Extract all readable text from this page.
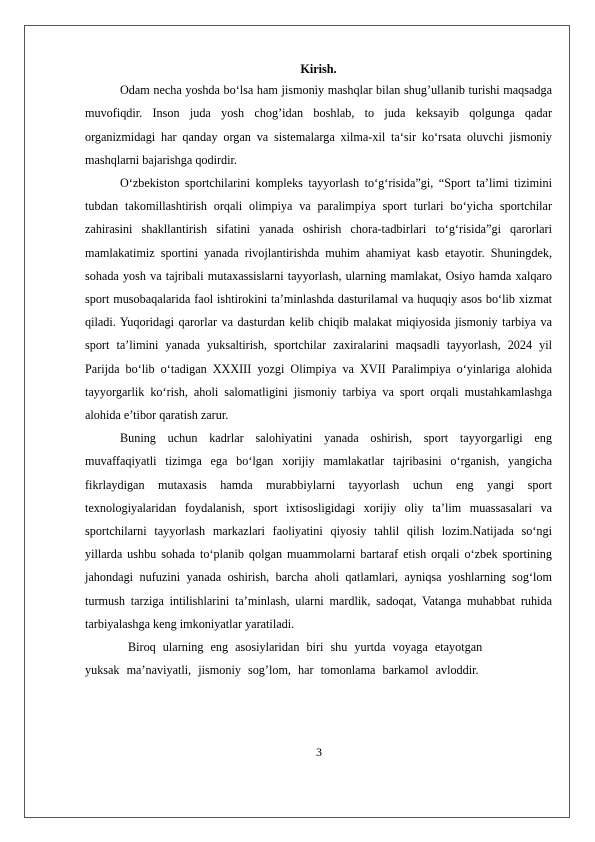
Kirish.

Odam necha yoshda bo‘lsa ham jismoniy mashqlar bilan shug’ullanib turishi maqsadga muvofiqdir. Inson juda yosh chog’idan boshlab, to juda keksayib qolgunga qadar organizmidagi har qanday organ va sistemalarga xilma-xil ta‘sir ko‘rsata oluvchi jismoniy mashqlarni bajarishga qodirdir.

O‘zbekiston sportchilarini kompleks tayyorlash to‘g‘risida”gi, “Sport ta’limi tizimini tubdan takomillashtirish orqali olimpiya va paralimpiya sport turlari bo‘yicha sportchilar zahirasini shakllantirish sifatini yanada oshirish chora-tadbirlari to‘g‘risida”gi qarorlari mamlakatimiz sportini yanada rivojlantirishda muhim ahamiyat kasb etayotir. Shuningdek, sohada yosh va tajribali mutaxassislarni tayyorlash, ularning mamlakat, Osiyo hamda xalqaro sport musobaqalarida faol ishtirokini ta’minlashda dasturilamal va huquqiy asos bo‘lib xizmat qiladi. Yuqoridagi qarorlar va dasturdan kelib chiqib malakat miqiyosida jismoniy tarbiya va sport ta’limini yanada yuksaltirish, sportchilar zaxiralarini maqsadli tayyorlash, 2024 yil Parijda bo‘lib o‘tadigan XXXIII yozgi Olimpiya va XVII Paralimpiya o‘yinlariga alohida tayyorgarlik ko‘rish, aholi salomatligini jismoniy tarbiya va sport orqali mustahkamlashga alohida e’tibor qaratish zarur.

Buning uchun kadrlar salohiyatini yanada oshirish, sport tayyorgarligi eng muvaffaqiyatli tizimga ega bo‘lgan xorijiy mamlakatlar tajribasini o‘rganish, yangicha fikrlaydigan mutaxasis hamda murabbiylarni tayyorlash uchun eng yangi sport texnologiyalaridan foydalanish, sport ixtisosligidagi xorijiy oliy ta’lim muassasalari va sportchilarni tayyorlash markazlari faoliyatini qiyosiy tahlil qilish lozim.Natijada so‘ngi yillarda ushbu sohada to‘planib qolgan muammolarni bartaraf etish orqali o‘zbek sportining jahondagi nufuzini yanada oshirish, barcha aholi qatlamlari, ayniqsa yoshlarning sog‘lom turmush tarziga intilishlarini ta’minlash, ularni mardlik, sadoqat, Vatanga muhabbat ruhida tarbiyalashga keng imkoniyatlar yaratiladi.

Biroq ularning eng asosiylaridan biri shu yurtda voyaga etayotgan

yuksak ma’naviyatli, jismoniy sog’lom, har tomonlama barkamol avloddir.

3
